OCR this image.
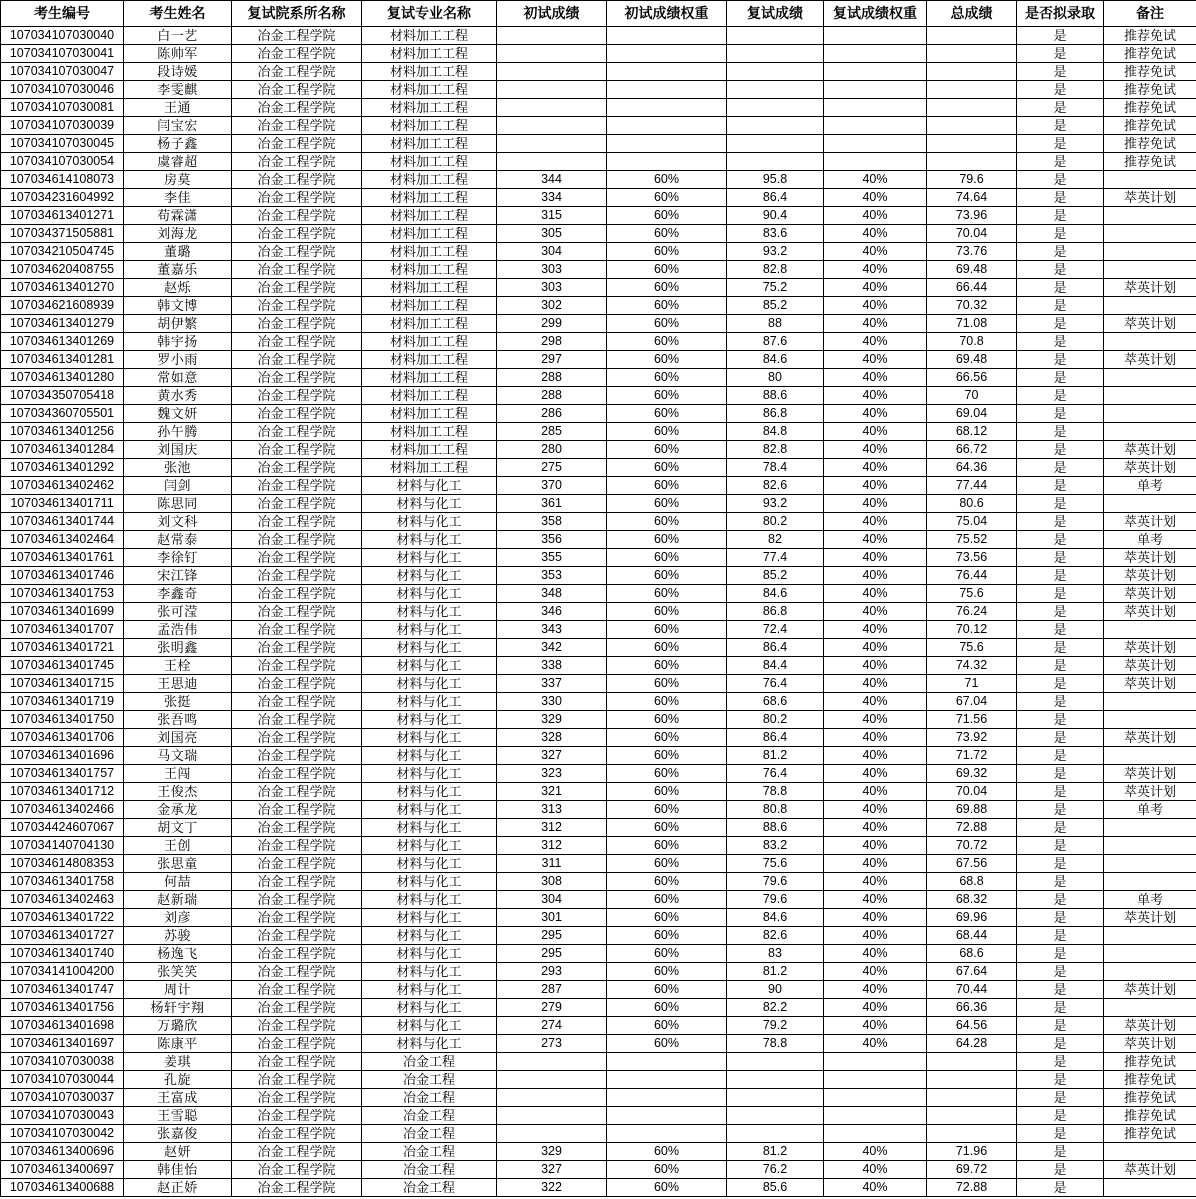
考生编号	考生姓名	复试院系所名称	复试专业名称	初试成绩	初试成绩权重	复试成绩	复试成绩权重	总成绩	是否拟录取	备注
107034107030040	白一艺	冶金工程学院	材料加工工程						是	推荐免试
107034107030041	陈帅军	冶金工程学院	材料加工工程						是	推荐免试
107034107030047	段诗媛	冶金工程学院	材料加工工程						是	推荐免试
107034107030046	李雯麒	冶金工程学院	材料加工工程						是	推荐免试
107034107030081	王通	冶金工程学院	材料加工工程						是	推荐免试
107034107030039	闫宝宏	冶金工程学院	材料加工工程						是	推荐免试
107034107030045	杨子鑫	冶金工程学院	材料加工工程						是	推荐免试
107034107030054	虞睿超	冶金工程学院	材料加工工程						是	推荐免试
107034614108073	房莫	冶金工程学院	材料加工工程	344	60%	95.8	40%	79.6	是	
107034231604992	李佳	冶金工程学院	材料加工工程	334	60%	86.4	40%	74.64	是	萃英计划
107034613401271	苟霖潇	冶金工程学院	材料加工工程	315	60%	90.4	40%	73.96	是	
107034371505881	刘海龙	冶金工程学院	材料加工工程	305	60%	83.6	40%	70.04	是	
107034210504745	董璐	冶金工程学院	材料加工工程	304	60%	93.2	40%	73.76	是	
107034620408755	董嘉乐	冶金工程学院	材料加工工程	303	60%	82.8	40%	69.48	是	
107034613401270	赵烁	冶金工程学院	材料加工工程	303	60%	75.2	40%	66.44	是	萃英计划
107034621608939	韩文博	冶金工程学院	材料加工工程	302	60%	85.2	40%	70.32	是	
107034613401279	胡伊繁	冶金工程学院	材料加工工程	299	60%	88	40%	71.08	是	萃英计划
107034613401269	韩宇扬	冶金工程学院	材料加工工程	298	60%	87.6	40%	70.8	是	
107034613401281	罗小雨	冶金工程学院	材料加工工程	297	60%	84.6	40%	69.48	是	萃英计划
107034613401280	常如意	冶金工程学院	材料加工工程	288	60%	80	40%	66.56	是	
107034350705418	黄水秀	冶金工程学院	材料加工工程	288	60%	88.6	40%	70	是	
107034360705501	魏文妍	冶金工程学院	材料加工工程	286	60%	86.8	40%	69.04	是	
107034613401256	孙午腾	冶金工程学院	材料加工工程	285	60%	84.8	40%	68.12	是	
107034613401284	刘国庆	冶金工程学院	材料加工工程	280	60%	82.8	40%	66.72	是	萃英计划
107034613401292	张池	冶金工程学院	材料加工工程	275	60%	78.4	40%	64.36	是	萃英计划
107034613402462	闫剑	冶金工程学院	材料与化工	370	60%	82.6	40%	77.44	是	单考
107034613401711	陈思同	冶金工程学院	材料与化工	361	60%	93.2	40%	80.6	是	
107034613401744	刘文科	冶金工程学院	材料与化工	358	60%	80.2	40%	75.04	是	萃英计划
107034613402464	赵常泰	冶金工程学院	材料与化工	356	60%	82	40%	75.52	是	单考
107034613401761	李徐钉	冶金工程学院	材料与化工	355	60%	77.4	40%	73.56	是	萃英计划
107034613401746	宋江锋	冶金工程学院	材料与化工	353	60%	85.2	40%	76.44	是	萃英计划
107034613401753	李鑫奇	冶金工程学院	材料与化工	348	60%	84.6	40%	75.6	是	萃英计划
107034613401699	张可滢	冶金工程学院	材料与化工	346	60%	86.8	40%	76.24	是	萃英计划
107034613401707	孟浩伟	冶金工程学院	材料与化工	343	60%	72.4	40%	70.12	是	
107034613401721	张明鑫	冶金工程学院	材料与化工	342	60%	86.4	40%	75.6	是	萃英计划
107034613401745	王栓	冶金工程学院	材料与化工	338	60%	84.4	40%	74.32	是	萃英计划
107034613401715	王思迪	冶金工程学院	材料与化工	337	60%	76.4	40%	71	是	萃英计划
107034613401719	张挺	冶金工程学院	材料与化工	330	60%	68.6	40%	67.04	是	
107034613401750	张吾鸣	冶金工程学院	材料与化工	329	60%	80.2	40%	71.56	是	
107034613401706	刘国亮	冶金工程学院	材料与化工	328	60%	86.4	40%	73.92	是	萃英计划
107034613401696	马文瑞	冶金工程学院	材料与化工	327	60%	81.2	40%	71.72	是	
107034613401757	王闯	冶金工程学院	材料与化工	323	60%	76.4	40%	69.32	是	萃英计划
107034613401712	王俊杰	冶金工程学院	材料与化工	321	60%	78.8	40%	70.04	是	萃英计划
107034613402466	金承龙	冶金工程学院	材料与化工	313	60%	80.8	40%	69.88	是	单考
107034424607067	胡文丁	冶金工程学院	材料与化工	312	60%	88.6	40%	72.88	是	
107034140704130	王创	冶金工程学院	材料与化工	312	60%	83.2	40%	70.72	是	
107034614808353	张思童	冶金工程学院	材料与化工	311	60%	75.6	40%	67.56	是	
107034613401758	何喆	冶金工程学院	材料与化工	308	60%	79.6	40%	68.8	是	
107034613402463	赵新瑞	冶金工程学院	材料与化工	304	60%	79.6	40%	68.32	是	单考
107034613401722	刘彦	冶金工程学院	材料与化工	301	60%	84.6	40%	69.96	是	萃英计划
107034613401727	苏骏	冶金工程学院	材料与化工	295	60%	82.6	40%	68.44	是	
107034613401740	杨逸飞	冶金工程学院	材料与化工	295	60%	83	40%	68.6	是	
107034141004200	张笑笑	冶金工程学院	材料与化工	293	60%	81.2	40%	67.64	是	
107034613401747	周计	冶金工程学院	材料与化工	287	60%	90	40%	70.44	是	萃英计划
107034613401756	杨轩宇翔	冶金工程学院	材料与化工	279	60%	82.2	40%	66.36	是	
107034613401698	万璐欣	冶金工程学院	材料与化工	274	60%	79.2	40%	64.56	是	萃英计划
107034613401697	陈康平	冶金工程学院	材料与化工	273	60%	78.8	40%	64.28	是	萃英计划
107034107030038	姜琪	冶金工程学院	冶金工程						是	推荐免试
107034107030044	孔旋	冶金工程学院	冶金工程						是	推荐免试
107034107030037	王富成	冶金工程学院	冶金工程						是	推荐免试
107034107030043	王雪聪	冶金工程学院	冶金工程						是	推荐免试
107034107030042	张嘉俊	冶金工程学院	冶金工程						是	推荐免试
107034613400696	赵妍	冶金工程学院	冶金工程	329	60%	81.2	40%	71.96	是	
107034613400697	韩佳怡	冶金工程学院	冶金工程	327	60%	76.2	40%	69.72	是	萃英计划
107034613400688	赵正娇	冶金工程学院	冶金工程	322	60%	85.6	40%	72.88	是	
